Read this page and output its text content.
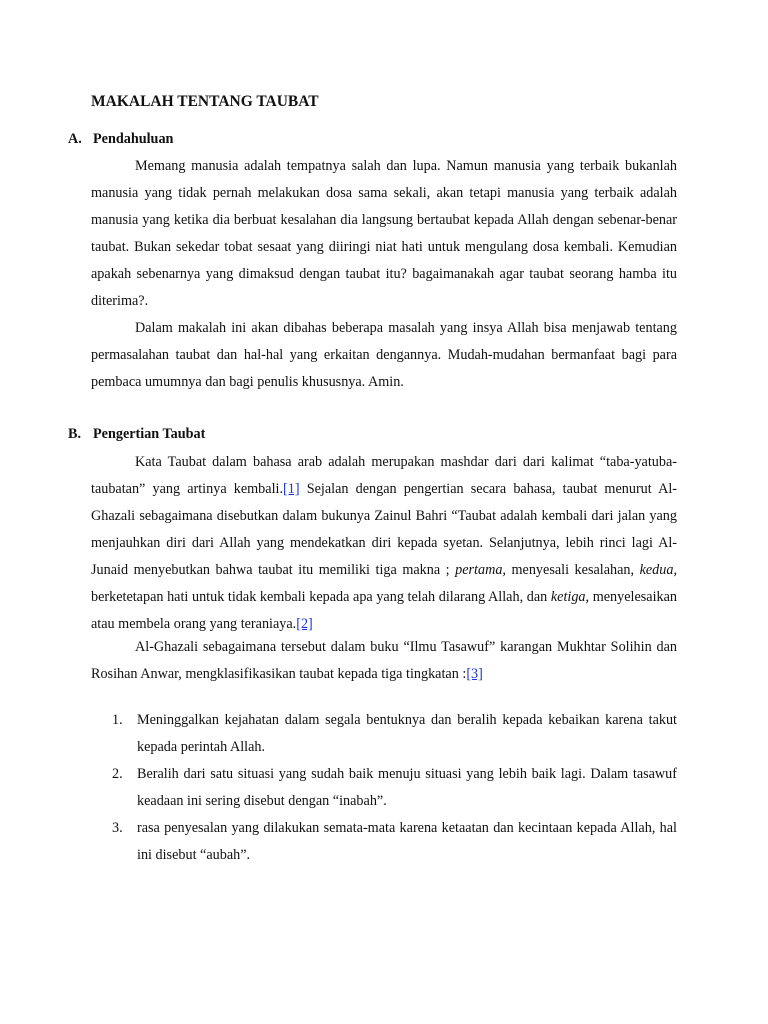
MAKALAH TENTANG TAUBAT
A. Pendahuluan

Memang manusia adalah tempatnya salah dan lupa. Namun manusia yang terbaik bukanlah manusia yang tidak pernah melakukan dosa sama sekali, akan tetapi manusia yang terbaik adalah manusia yang ketika dia berbuat kesalahan dia langsung bertaubat kepada Allah dengan sebenar-benar taubat. Bukan sekedar tobat sesaat yang diiringi niat hati untuk mengulang dosa kembali. Kemudian apakah sebenarnya yang dimaksud dengan taubat itu? bagaimanakah agar taubat seorang hamba itu diterima?.

Dalam makalah ini akan dibahas beberapa masalah yang insya Allah bisa menjawab tentang permasalahan taubat dan hal-hal yang erkaitan dengannya. Mudah-mudahan bermanfaat bagi para pembaca umumnya dan bagi penulis khususnya. Amin.

B. Pengertian Taubat

Kata Taubat dalam bahasa arab adalah merupakan mashdar dari dari kalimat “taba-yatuba-taubatan” yang artinya kembali.[1] Sejalan dengan pengertian secara bahasa, taubat menurut Al-Ghazali sebagaimana disebutkan dalam bukunya Zainul Bahri “Taubat adalah kembali dari jalan yang menjauhkan diri dari Allah yang mendekatkan diri kepada syetan. Selanjutnya, lebih rinci lagi Al-Junaid menyebutkan bahwa taubat itu memiliki tiga makna ; pertama, menyesali kesalahan, kedua, berketetapan hati untuk tidak kembali kepada apa yang telah dilarang Allah, dan ketiga, menyelesaikan atau membela orang yang teraniaya.[2]

Al-Ghazali sebagaimana tersebut dalam buku “Ilmu Tasawuf” karangan Mukhtar Solihin dan Rosihan Anwar, mengklasifikasikan taubat kepada tiga tingkatan :[3]

1. Meninggalkan kejahatan dalam segala bentuknya dan beralih kepada kebaikan karena takut kepada perintah Allah.
2. Beralih dari satu situasi yang sudah baik menuju situasi yang lebih baik lagi. Dalam tasawuf keadaan ini sering disebut dengan “inabah”.
3. rasa penyesalan yang dilakukan semata-mata karena ketaatan dan kecintaan kepada Allah, hal ini disebut “aubah”.
